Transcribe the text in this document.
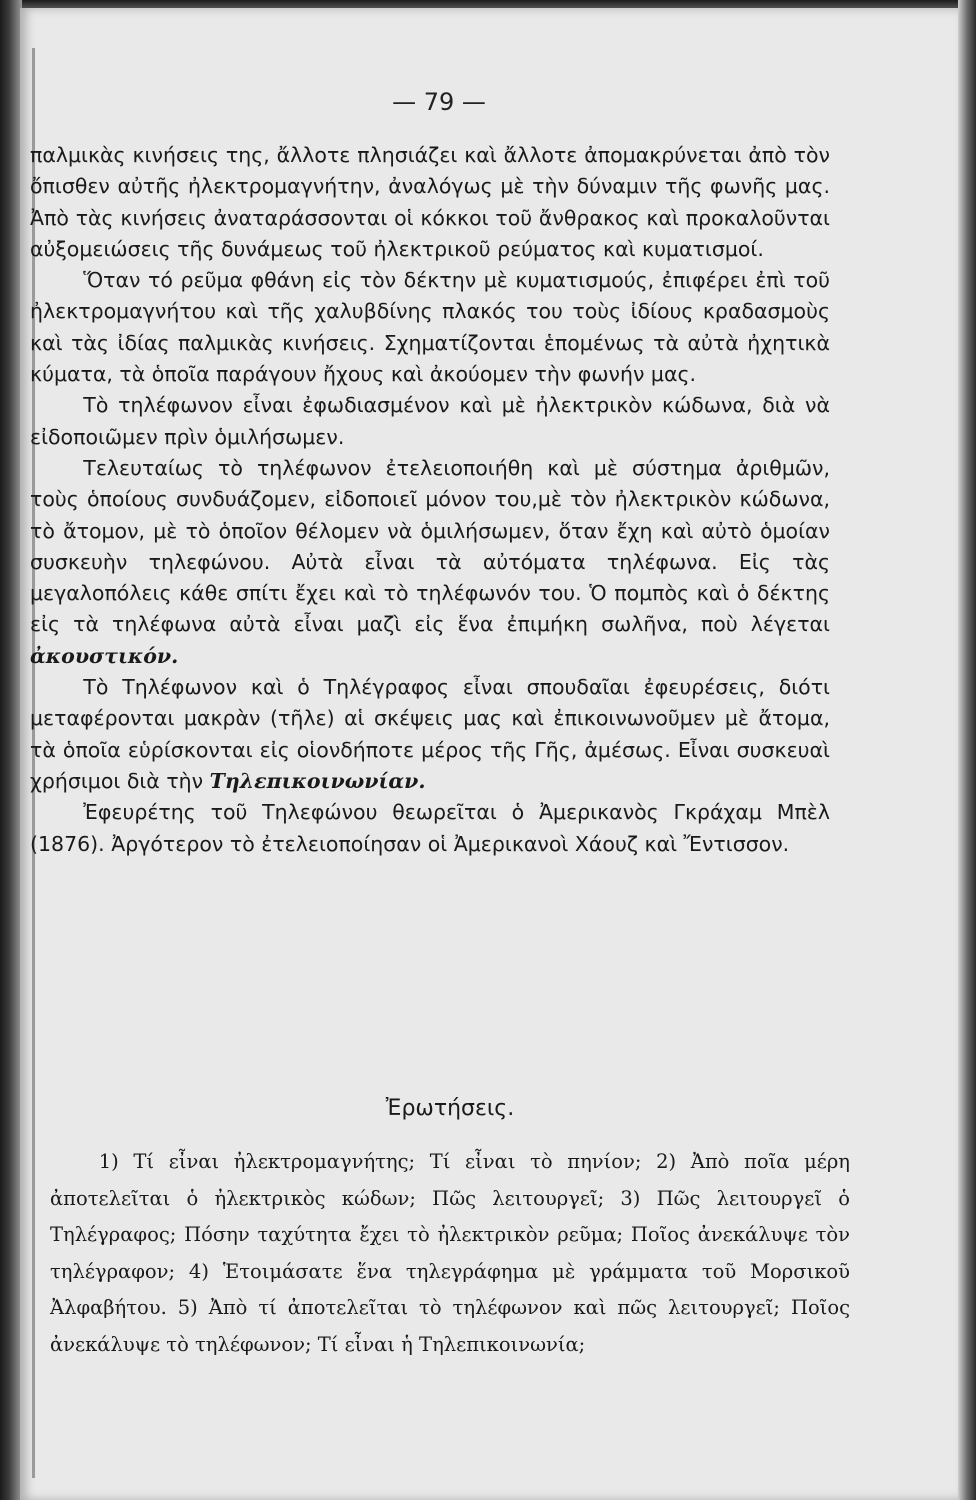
— 79 —

παλμικὰς κινήσεις της, ἄλλοτε πλησιάζει καὶ ἄλλοτε ἀπομακρύνεται ἀπὸ τὸν ὄπισθεν αὐτῆς ἠλεκτρομαγνήτην, ἀναλόγως μὲ τὴν δύναμιν τῆς φωνῆς μας. Ἀπὸ τὰς κινήσεις ἀναταράσσονται οἱ κόκκοι τοῦ ἄνθρακος καὶ προκαλοῦνται αὐξομειώσεις τῆς δυνάμεως τοῦ ἠλεκτρικοῦ ρεύματος καὶ κυματισμοί.

Ὅταν τό ρεῦμα φθάνη εἰς τὸν δέκτην μὲ κυματισμούς, ἐπιφέρει ἐπὶ τοῦ ἠλεκτρομαγνήτου καὶ τῆς χαλυβδίνης πλακός του τοὺς ἰδίους κραδασμοὺς καὶ τὰς ἰδίας παλμικὰς κινήσεις. Σχηματίζονται ἑπομένως τὰ αὐτὰ ἠχητικὰ κύματα, τὰ ὁποῖα παράγουν ἤχους καὶ ἀκούομεν τὴν φωνήν μας.

Τὸ τηλέφωνον εἶναι ἐφωδιασμένον καὶ μὲ ἠλεκτρικὸν κώδωνα, διὰ νὰ εἰδοποιῶμεν πρὶν ὁμιλήσωμεν.

Τελευταίως τὸ τηλέφωνον ἐτελειοποιήθη καὶ μὲ σύστημα ἀριθμῶν, τοὺς ὁποίους συνδυάζομεν, εἰδοποιεῖ μόνον του,μὲ τὸν ἠλεκτρικὸν κώδωνα, τὸ ἄτομον, μὲ τὸ ὁποῖον θέλομεν νὰ ὁμιλήσωμεν, ὅταν ἔχη καὶ αὐτὸ ὁμοίαν συσκευὴν τηλεφώνου. Αὐτὰ εἶναι τὰ αὐτόματα τηλέφωνα. Εἰς τὰς μεγαλοπόλεις κάθε σπίτι ἔχει καὶ τὸ τηλέφωνόν του. Ὁ πομπὸς καὶ ὁ δέκτης εἰς τὰ τηλέφωνα αὐτὰ εἶναι μαζὶ εἰς ἕνα ἐπιμήκη σωλῆνα, ποὺ λέγεται ἀκουστικόν.

Τὸ Τηλέφωνον καὶ ὁ Τηλέγραφος εἶναι σπουδαῖαι ἐφευρέσεις, διότι μεταφέρονται μακρὰν (τῆλε) αἱ σκέψεις μας καὶ ἐπικοινωνοῦμεν μὲ ἄτομα, τὰ ὁποῖα εὑρίσκονται εἰς οἱονδήποτε μέρος τῆς Γῆς, ἀμέσως. Εἶναι συσκευαὶ χρήσιμοι διὰ τὴν Τηλεπικοινωνίαν.

Ἐφευρέτης τοῦ Τηλεφώνου θεωρεῖται ὁ Ἀμερικανὸς Γκράχαμ Μπὲλ (1876). Ἀργότερον τὸ ἐτελειοποίησαν οἱ Ἀμερικανοὶ Χάουζ καὶ Ἔντισσον.

Ἐρωτήσεις.

1) Τί εἶναι ἠλεκτρομαγνήτης; Τί εἶναι τὸ πηνίον; 2) Ἀπὸ ποῖα μέρη ἀποτελεῖται ὁ ἠλεκτρικὸς κώδων; Πῶς λειτουργεῖ; 3) Πῶς λειτουργεῖ ὁ Τηλέγραφος; Πόσην ταχύτητα ἔχει τὸ ἠλεκτρικὸν ρεῦμα; Ποῖος ἀνεκάλυψε τὸν τηλέγραφον; 4) Ἑτοιμάσατε ἕνα τηλεγράφημα μὲ γράμματα τοῦ Μορσικοῦ Ἀλφαβήτου. 5) Ἀπὸ τί ἀποτελεῖται τὸ τηλέφωνον καὶ πῶς λειτουργεῖ; Ποῖος ἀνεκάλυψε τὸ τηλέφωνον; Τί εἶναι ἡ Τηλεπικοινωνία;
